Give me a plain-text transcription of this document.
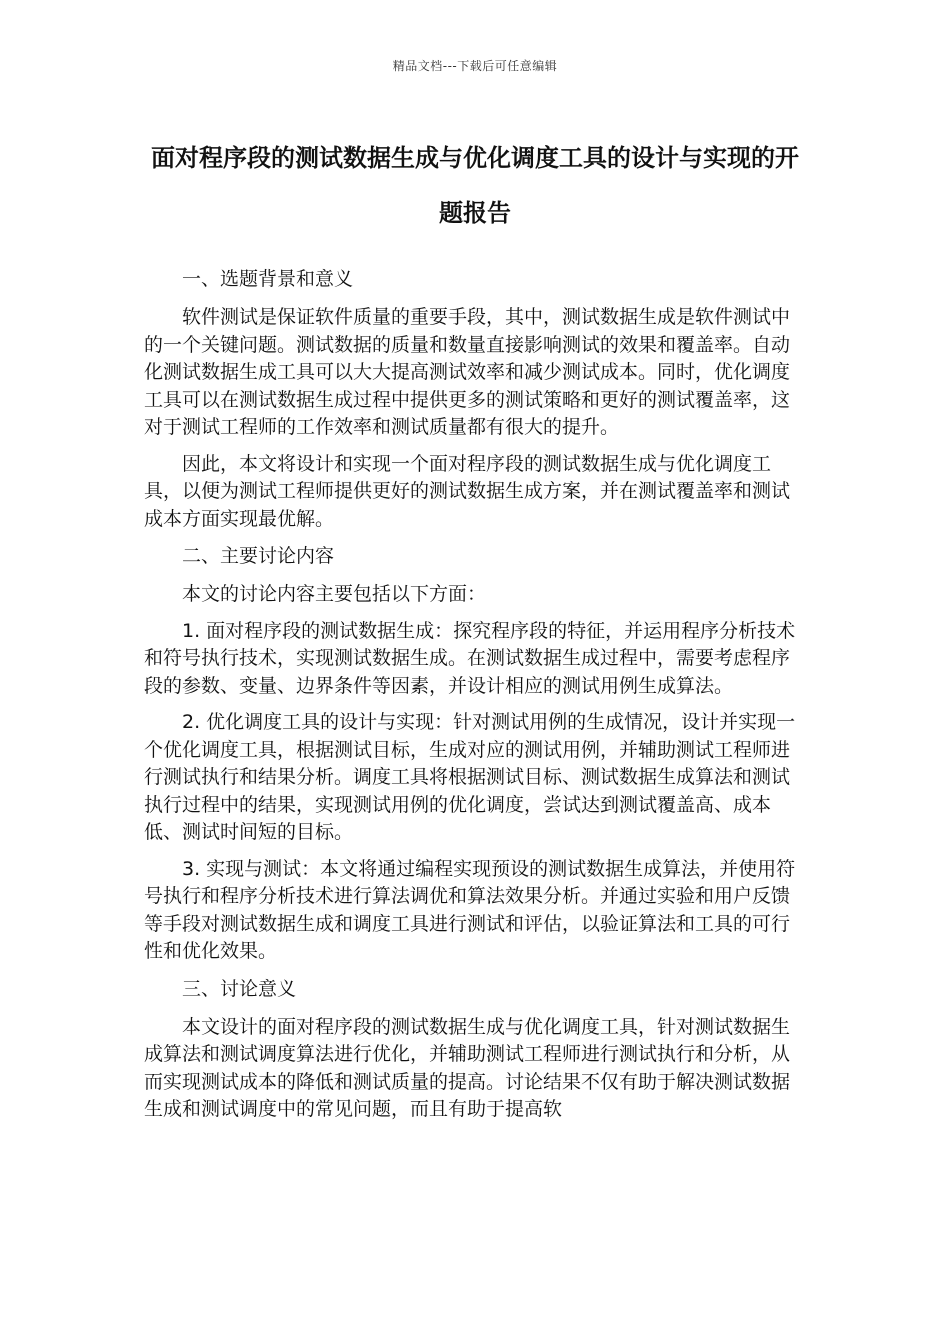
精品文档---下载后可任意编辑
面对程序段的测试数据生成与优化调度工具的设计与实现的开题报告

一、选题背景和意义

软件测试是保证软件质量的重要手段，其中，测试数据生成是软件测试中的一个关键问题。测试数据的质量和数量直接影响测试的效果和覆盖率。自动化测试数据生成工具可以大大提高测试效率和减少测试成本。同时，优化调度工具可以在测试数据生成过程中提供更多的测试策略和更好的测试覆盖率，这对于测试工程师的工作效率和测试质量都有很大的提升。

因此，本文将设计和实现一个面对程序段的测试数据生成与优化调度工具，以便为测试工程师提供更好的测试数据生成方案，并在测试覆盖率和测试成本方面实现最优解。

二、主要讨论内容

本文的讨论内容主要包括以下方面：

1. 面对程序段的测试数据生成：探究程序段的特征，并运用程序分析技术和符号执行技术，实现测试数据生成。在测试数据生成过程中，需要考虑程序段的参数、变量、边界条件等因素，并设计相应的测试用例生成算法。

2. 优化调度工具的设计与实现：针对测试用例的生成情况，设计并实现一个优化调度工具，根据测试目标，生成对应的测试用例，并辅助测试工程师进行测试执行和结果分析。调度工具将根据测试目标、测试数据生成算法和测试执行过程中的结果，实现测试用例的优化调度，尝试达到测试覆盖高、成本低、测试时间短的目标。

3. 实现与测试：本文将通过编程实现预设的测试数据生成算法，并使用符号执行和程序分析技术进行算法调优和算法效果分析。并通过实验和用户反馈等手段对测试数据生成和调度工具进行测试和评估，以验证算法和工具的可行性和优化效果。

三、讨论意义

本文设计的面对程序段的测试数据生成与优化调度工具，针对测试数据生成算法和测试调度算法进行优化，并辅助测试工程师进行测试执行和分析，从而实现测试成本的降低和测试质量的提高。讨论结果不仅有助于解决测试数据生成和测试调度中的常见问题，而且有助于提高软
